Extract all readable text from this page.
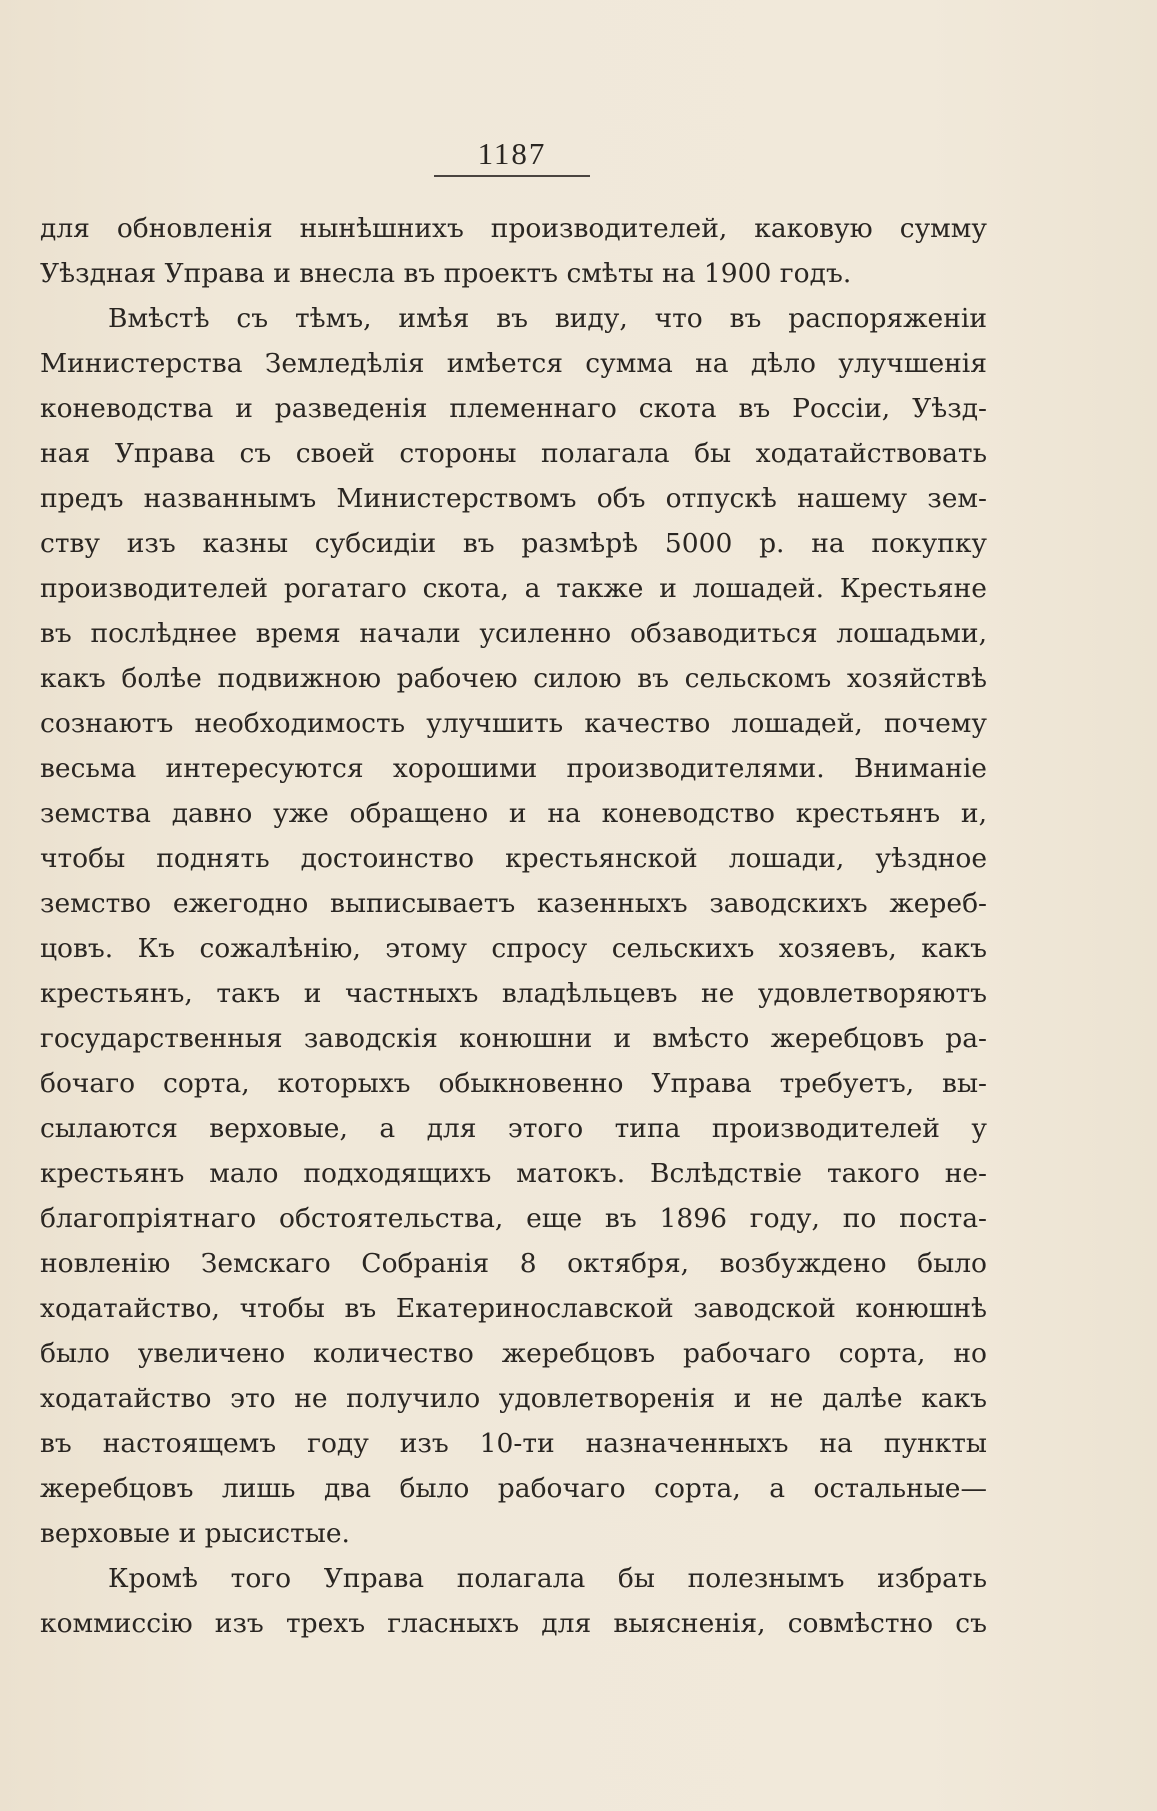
1187
для обновленія нынѣшнихъ производителей, каковую сумму
Уѣздная Управа и внесла въ проектъ смѣты на 1900 годъ.
Вмѣстѣ съ тѣмъ, имѣя въ виду, что въ распоряженіи
Министерства Земледѣлія имѣется сумма на дѣло улучшенія
коневодства и разведенія племеннаго скота въ Россіи, Уѣзд-
ная Управа съ своей стороны полагала бы ходатайствовать
предъ названнымъ Министерствомъ объ отпускѣ нашему зем-
ству изъ казны субсидіи въ размѣрѣ 5000 р. на покупку
производителей рогатаго скота, а также и лошадей. Крестьяне
въ послѣднее время начали усиленно обзаводиться лошадьми,
какъ болѣе подвижною рабочею силою въ сельскомъ хозяйствѣ
сознаютъ необходимость улучшить качество лошадей, почему
весьма интересуются хорошими производителями. Вниманіе
земства давно уже обращено и на коневодство крестьянъ и,
чтобы поднять достоинство крестьянской лошади, уѣздное
земство ежегодно выписываетъ казенныхъ заводскихъ жереб-
цовъ. Къ сожалѣнію, этому спросу сельскихъ хозяевъ, какъ
крестьянъ, такъ и частныхъ владѣльцевъ не удовлетворяютъ
государственныя заводскія конюшни и вмѣсто жеребцовъ ра-
бочаго сорта, которыхъ обыкновенно Управа требуетъ, вы-
сылаются верховые, а для этого типа производителей у
крестьянъ мало подходящихъ матокъ. Вслѣдствіе такого не-
благопріятнаго обстоятельства, еще въ 1896 году, по поста-
новленію Земскаго Собранія 8 октября, возбуждено было
ходатайство, чтобы въ Екатеринославской заводской конюшнѣ
было увеличено количество жеребцовъ рабочаго сорта, но
ходатайство это не получило удовлетворенія и не далѣе какъ
въ настоящемъ году изъ 10-ти назначенныхъ на пункты
жеребцовъ лишь два было рабочаго сорта, а остальные—
верховые и рысистые.
Кромѣ того Управа полагала бы полезнымъ избрать
коммиссію изъ трехъ гласныхъ для выясненія, совмѣстно съ
